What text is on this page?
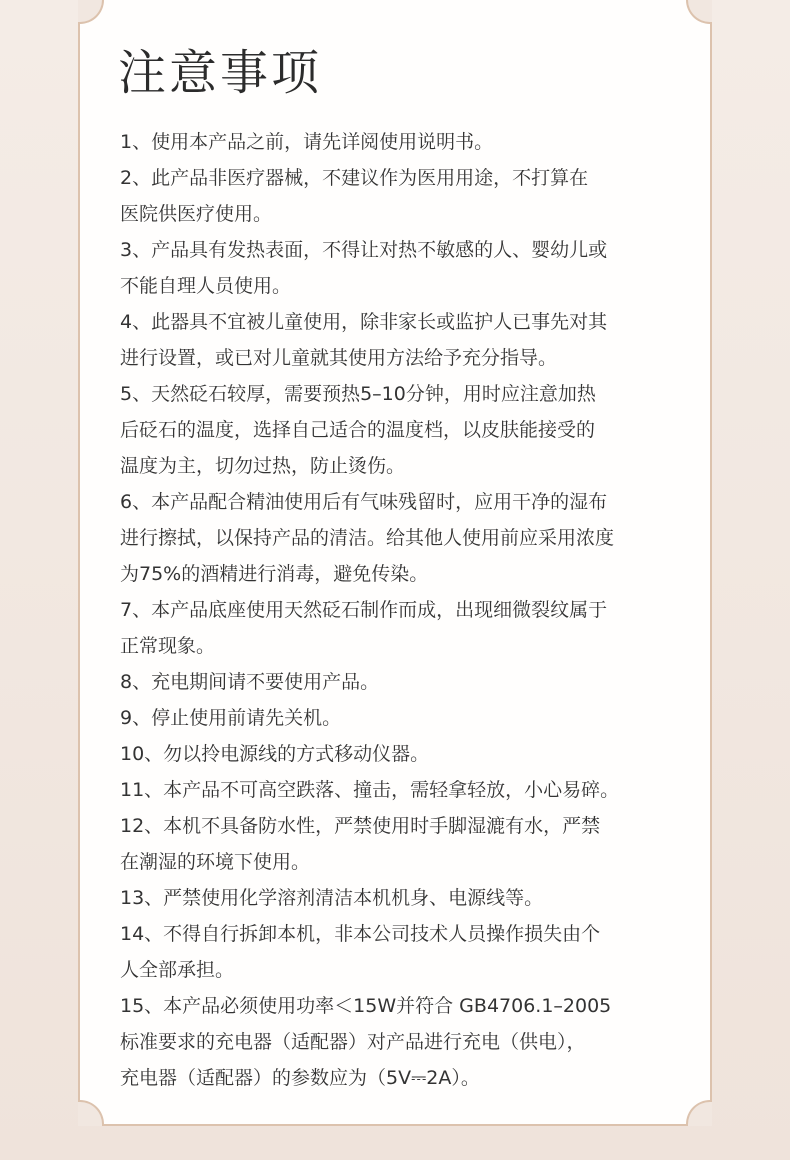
注意事项
1、使用本产品之前，请先详阅使用说明书。
2、此产品非医疗器械，不建议作为医用用途，不打算在
医院供医疗使用。
3、产品具有发热表面，不得让对热不敏感的人、婴幼儿或
不能自理人员使用。
4、此器具不宜被儿童使用，除非家长或监护人已事先对其
进行设置，或已对儿童就其使用方法给予充分指导。
5、天然砭石较厚，需要预热5–10分钟，用时应注意加热
后砭石的温度，选择自己适合的温度档，以皮肤能接受的
温度为主，切勿过热，防止烫伤。
6、本产品配合精油使用后有气味残留时，应用干净的湿布
进行擦拭，以保持产品的清洁。给其他人使用前应采用浓度
为75%的酒精进行消毒，避免传染。
7、本产品底座使用天然砭石制作而成，出现细微裂纹属于
正常现象。
8、充电期间请不要使用产品。
9、停止使用前请先关机。
10、勿以拎电源线的方式移动仪器。
11、本产品不可高空跌落、撞击，需轻拿轻放，小心易碎。
12、本机不具备防水性，严禁使用时手脚湿漉有水，严禁
在潮湿的环境下使用。
13、严禁使用化学溶剂清洁本机机身、电源线等。
14、不得自行拆卸本机，非本公司技术人员操作损失由个
人全部承担。
15、本产品必须使用功率＜15W并符合 GB4706.1–2005
标准要求的充电器（适配器）对产品进行充电（供电），
充电器（适配器）的参数应为（5V⎓2A）。
